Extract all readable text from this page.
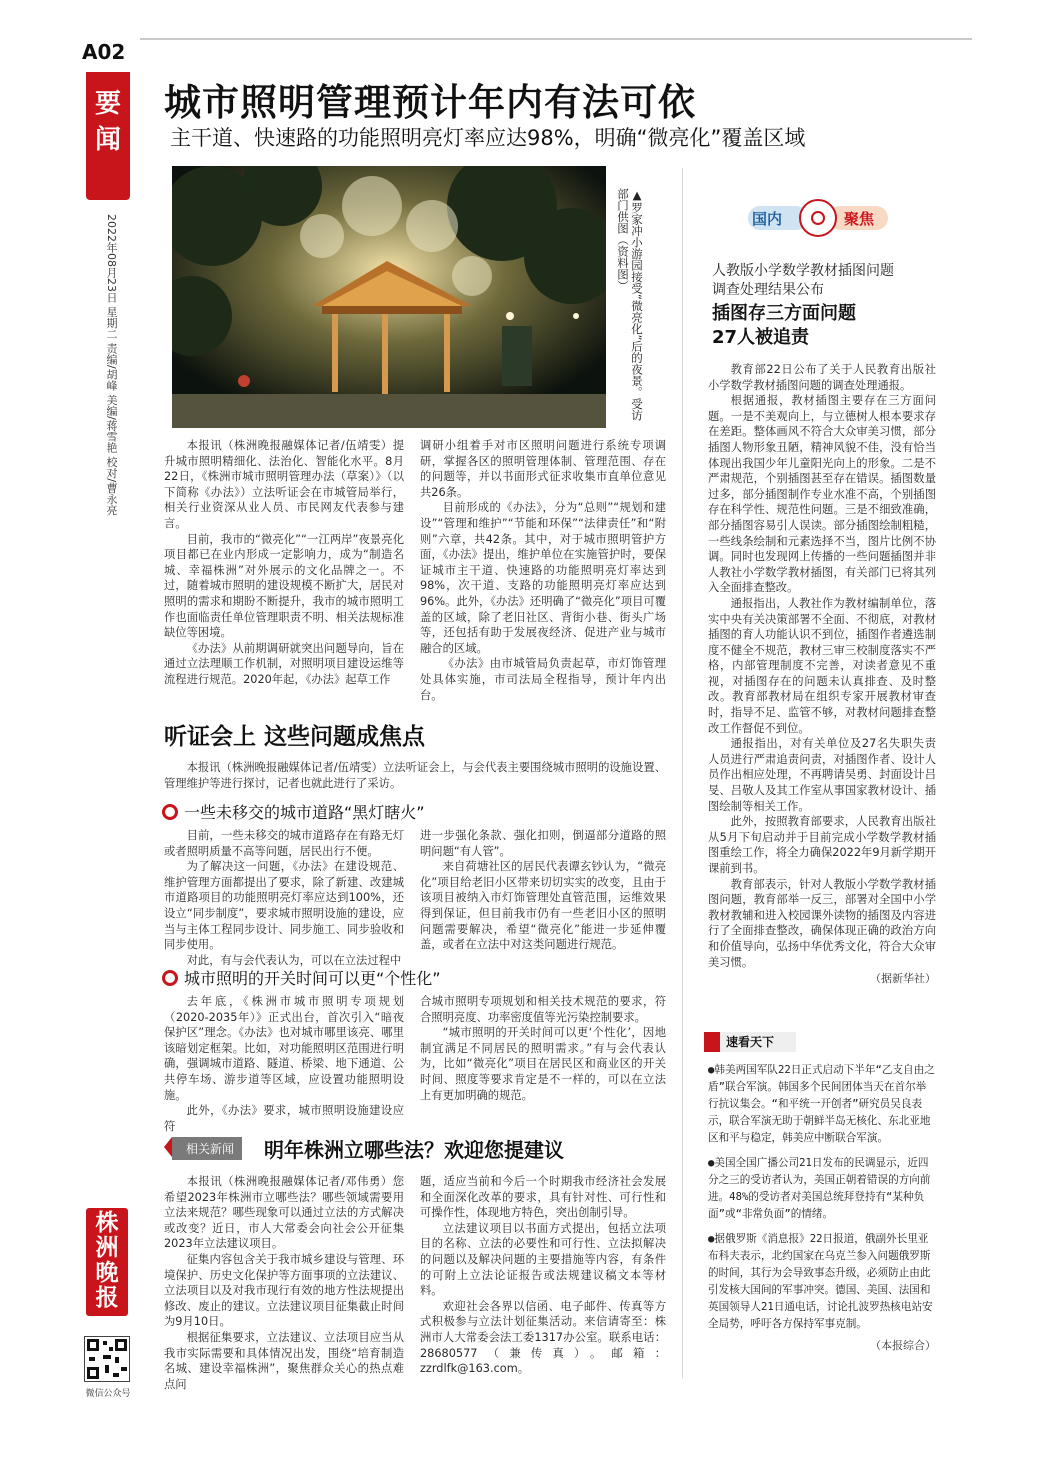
A02
要闻
2022年08月23日 星期二 责编/胡峰 美编/蒋雪艳 校对/曹永亮
城市照明管理预计年内有法可依
主干道、快速路的功能照明亮灯率应达98%，明确“微亮化”覆盖区域
▲罗家冲小游园接受“微亮化”后的夜景。受访部门供图（资料图）

本报讯（株洲晚报融媒体记者/伍靖雯）提升城市照明精细化、法治化、智能化水平。8月22日，《株洲市城市照明管理办法（草案）》（以下简称《办法》）立法听证会在市城管局举行，相关行业资深从业人员、市民网友代表参与建言。

目前，我市的“微亮化”“一江两岸”夜景亮化项目都已在业内形成一定影响力，成为“制造名城、幸福株洲”对外展示的文化品牌之一。不过，随着城市照明的建设规模不断扩大，居民对照明的需求和期盼不断提升，我市的城市照明工作也面临责任单位管理职责不明、相关法规标准缺位等困境。

《办法》从前期调研就突出问题导向，旨在通过立法理顺工作机制，对照明项目建设运维等流程进行规范。2020年起，《办法》起草工作

调研小组着手对市区照明问题进行系统专项调研，掌握各区的照明管理体制、管理范围、存在的问题等，并以书面形式征求收集市直单位意见共26条。

目前形成的《办法》，分为“总则”“规划和建设”“管理和维护”“节能和环保”“法律责任”和“附则”六章，共42条。其中，对于城市照明管护方面，《办法》提出，维护单位在实施管护时，要保证城市主干道、快速路的功能照明亮灯率达到98%，次干道、支路的功能照明亮灯率应达到96%。此外，《办法》还明确了“微亮化”项目可覆盖的区域，除了老旧社区、背街小巷、街头广场等，还包括有助于发展夜经济、促进产业与城市融合的区域。

《办法》由市城管局负责起草，市灯饰管理处具体实施，市司法局全程指导，预计年内出台。

听证会上 这些问题成焦点
本报讯（株洲晚报融媒体记者/伍靖雯）立法听证会上，与会代表主要围绕城市照明的设施设置、管理维护等进行探讨，记者也就此进行了采访。
一些未移交的城市道路“黑灯瞎火”

目前，一些未移交的城市道路存在有路无灯或者照明质量不高等问题，居民出行不便。

为了解决这一问题，《办法》在建设规范、维护管理方面都提出了要求，除了新建、改建城市道路项目的功能照明亮灯率应达到100%，还设立“同步制度”，要求城市照明设施的建设，应当与主体工程同步设计、同步施工、同步验收和同步使用。

对此，有与会代表认为，可以在立法过程中

进一步强化条款、强化扣则，倒逼部分道路的照明问题“有人管”。

来自荷塘社区的居民代表谭玄钞认为，“微亮化”项目给老旧小区带来切切实实的改变，且由于该项目被纳入市灯饰管理处直管范围，运维效果得到保证，但目前我市仍有一些老旧小区的照明问题需要解决，希望“微亮化”能进一步延伸覆盖，或者在立法中对这类问题进行规范。

城市照明的开关时间可以更“个性化”

去年底，《株洲市城市照明专项规划（2020-2035年）》正式出台，首次引入“暗夜保护区”理念。《办法》也对城市哪里该亮、哪里该暗划定框架。比如，对功能照明区范围进行明确，强调城市道路、隧道、桥梁、地下通道、公共停车场、游步道等区域，应设置功能照明设施。

此外，《办法》要求，城市照明设施建设应符

合城市照明专项规划和相关技术规范的要求，符合照明亮度、功率密度值等光污染控制要求。

“城市照明的开关时间可以更‘个性化’，因地制宜满足不同居民的照明需求。”有与会代表认为，比如“微亮化”项目在居民区和商业区的开关时间、照度等要求肯定是不一样的，可以在立法上有更加明确的规范。

相关新闻	明年株洲立哪些法？欢迎您提建议

本报讯（株洲晚报融媒体记者/邓伟勇）您希望2023年株洲市立哪些法？哪些领域需要用立法来规范？哪些现象可以通过立法的方式解决或改变？近日，市人大常委会向社会公开征集2023年立法建议项目。

征集内容包含关于我市城乡建设与管理、环境保护、历史文化保护等方面事项的立法建议、立法项目以及对我市现行有效的地方性法规提出修改、废止的建议。立法建议项目征集截止时间为9月10日。

根据征集要求，立法建议、立法项目应当从我市实际需要和具体情况出发，围绕“培育制造名城、建设幸福株洲”，聚焦群众关心的热点难点问

题，适应当前和今后一个时期我市经济社会发展和全面深化改革的要求，具有针对性、可行性和可操作性，体现地方特色，突出创制引导。

立法建议项目以书面方式提出，包括立法项目的名称、立法的必要性和可行性、立法拟解决的问题以及解决问题的主要措施等内容，有条件的可附上立法论证报告或法规建议稿文本等材料。

欢迎社会各界以信函、电子邮件、传真等方式积极参与立法计划征集活动。来信请寄至：株洲市人大常委会法工委1317办公室。联系电话：28680577（兼传真）。邮箱：zzrdlfk@163.com。

国内	聚焦
人教版小学数学教材插图问题
调查处理结果公布
插图存三方面问题
27人被追责

教育部22日公布了关于人民教育出版社小学数学教材插图问题的调查处理通报。

根据通报，教材插图主要存在三方面问题。一是不美观向上，与立德树人根本要求存在差距。整体画风不符合大众审美习惯，部分插图人物形象丑陋，精神风貌不佳，没有恰当体现出我国少年儿童阳光向上的形象。二是不严肃规范，个别插图甚至存在错误。插图数量过多，部分插图制作专业水准不高，个别插图存在科学性、规范性问题。三是不细致准确，部分插图容易引人误读。部分插图绘制粗糙，一些线条绘制和元素选择不当，图片比例不协调。同时也发现网上传播的一些问题插图并非人教社小学数学教材插图，有关部门已将其列入全面排查整改。

通报指出，人教社作为教材编制单位，落实中央有关决策部署不全面、不彻底，对教材插图的育人功能认识不到位，插图作者遴选制度不健全不规范，教材三审三校制度落实不严格，内部管理制度不完善，对读者意见不重视，对插图存在的问题未认真排查、及时整改。教育部教材局在组织专家开展教材审查时，指导不足、监管不够，对教材问题排查整改工作督促不到位。

通报指出，对有关单位及27名失职失责人员进行严肃追责问责，对插图作者、设计人员作出相应处理，不再聘请吴勇、封面设计吕旻、吕敬人及其工作室从事国家教材设计、插图绘制等相关工作。

此外，按照教育部要求，人民教育出版社从5月下旬启动并于目前完成小学数学教材插图重绘工作，将全力确保2022年9月新学期开课前到书。

教育部表示，针对人教版小学数学教材插图问题，教育部举一反三，部署对全国中小学教材教辅和进入校园课外读物的插图及内容进行了全面排查整改，确保体现正确的政治方向和价值导向，弘扬中华优秀文化，符合大众审美习惯。

（据新华社）
速看天下

●韩美两国军队22日正式启动下半年“乙支自由之盾”联合军演。韩国多个民间团体当天在首尔举行抗议集会。“和平统一开创者”研究员吴良表示，联合军演无助于朝鲜半岛无核化、东北亚地区和平与稳定，韩美应中断联合军演。

●美国全国广播公司21日发布的民调显示，近四分之三的受访者认为，美国正朝着错误的方向前进。48%的受访者对美国总统拜登持有“某种负面”或“非常负面”的情绪。

●据俄罗斯《消息报》22日报道，俄副外长里亚布科夫表示，北约国家在乌克兰参入问题俄罗斯的时间，其行为会导致事态升级，必须防止由此引发核大国间的军事冲突。德国、美国、法国和英国领导人21日通电话，讨论扎波罗热核电站安全局势，呼吁各方保持军事克制。

（本报综合）
株
洲
晚
报
微信公众号
